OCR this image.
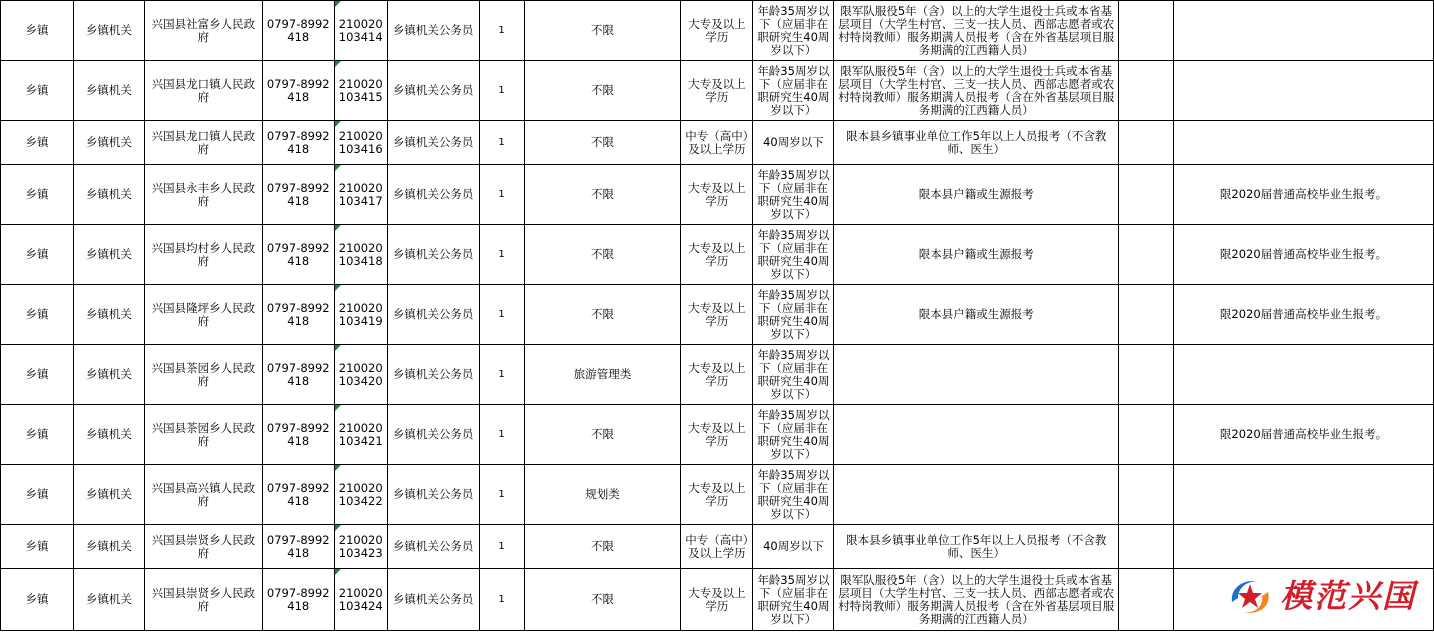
乡镇	乡镇机关	兴国县社富乡人民政府	0797-8992418	210020103414	乡镇机关公务员	1	不限	大专及以上学历	年龄35周岁以下（应届非在职研究生40周岁以下）	限军队服役5年（含）以上的大学生退役士兵或本省基层项目（大学生村官、三支一扶人员、西部志愿者或农村特岗教师）服务期满人员报考（含在外省基层项目服务期满的江西籍人员）		
乡镇	乡镇机关	兴国县龙口镇人民政府	0797-8992418	210020103415	乡镇机关公务员	1	不限	大专及以上学历	年龄35周岁以下（应届非在职研究生40周岁以下）	限军队服役5年（含）以上的大学生退役士兵或本省基层项目（大学生村官、三支一扶人员、西部志愿者或农村特岗教师）服务期满人员报考（含在外省基层项目服务期满的江西籍人员）		
乡镇	乡镇机关	兴国县龙口镇人民政府	0797-8992418	210020103416	乡镇机关公务员	1	不限	中专（高中）及以上学历	40周岁以下	限本县乡镇事业单位工作5年以上人员报考（不含教师、医生）		
乡镇	乡镇机关	兴国县永丰乡人民政府	0797-8992418	210020103417	乡镇机关公务员	1	不限	大专及以上学历	年龄35周岁以下（应届非在职研究生40周岁以下）	限本县户籍或生源报考		限2020届普通高校毕业生报考。
乡镇	乡镇机关	兴国县均村乡人民政府	0797-8992418	210020103418	乡镇机关公务员	1	不限	大专及以上学历	年龄35周岁以下（应届非在职研究生40周岁以下）	限本县户籍或生源报考		限2020届普通高校毕业生报考。
乡镇	乡镇机关	兴国县隆坪乡人民政府	0797-8992418	210020103419	乡镇机关公务员	1	不限	大专及以上学历	年龄35周岁以下（应届非在职研究生40周岁以下）	限本县户籍或生源报考		限2020届普通高校毕业生报考。
乡镇	乡镇机关	兴国县茶园乡人民政府	0797-8992418	210020103420	乡镇机关公务员	1	旅游管理类	大专及以上学历	年龄35周岁以下（应届非在职研究生40周岁以下）			
乡镇	乡镇机关	兴国县茶园乡人民政府	0797-8992418	210020103421	乡镇机关公务员	1	不限	大专及以上学历	年龄35周岁以下（应届非在职研究生40周岁以下）			限2020届普通高校毕业生报考。
乡镇	乡镇机关	兴国县高兴镇人民政府	0797-8992418	210020103422	乡镇机关公务员	1	规划类	大专及以上学历	年龄35周岁以下（应届非在职研究生40周岁以下）			
乡镇	乡镇机关	兴国县崇贤乡人民政府	0797-8992418	210020103423	乡镇机关公务员	1	不限	中专（高中）及以上学历	40周岁以下	限本县乡镇事业单位工作5年以上人员报考（不含教师、医生）		
乡镇	乡镇机关	兴国县崇贤乡人民政府	0797-8992418	210020103424	乡镇机关公务员	1	不限	大专及以上学历	年龄35周岁以下（应届非在职研究生40周岁以下）	限军队服役5年（含）以上的大学生退役士兵或本省基层项目（大学生村官、三支一扶人员、西部志愿者或农村特岗教师）服务期满人员报考（含在外省基层项目服务期满的江西籍人员）		
模范兴国
